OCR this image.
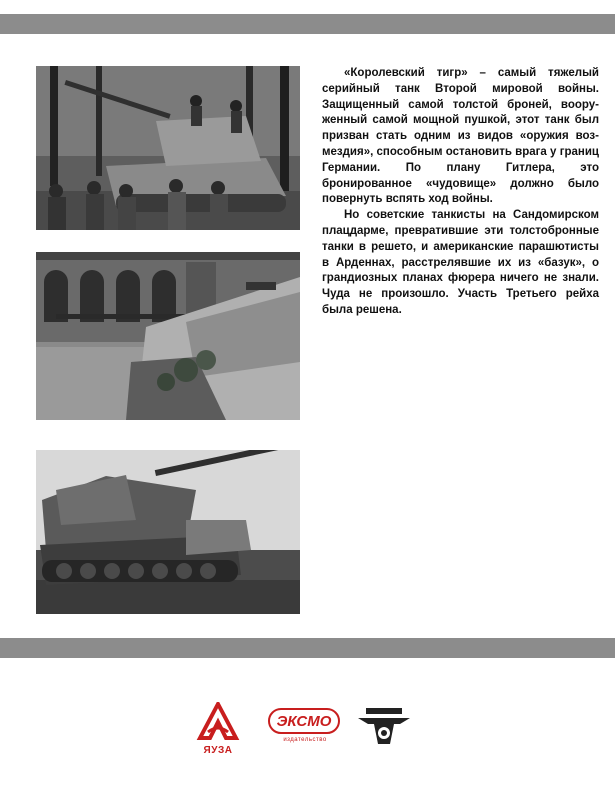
«Королевский тигр» – самый тяжелый серийный танк Второй мировой войны. Защищенный самой толстой броней, вооруженный самой мощной пушкой, этот танк был призван стать одним из видов «оружия возмездия», способным остановить врага у границ Германии. По плану Гитлера, это бронированное «чудовище» должно было повернуть вспять ход войны.

Но советские танкисты на Сандомирском плацдарме, превратившие эти толстобронные танки в решето, и американские парашютисты в Арденнах, расстрелявшие их из «базук», о грандиозных планах фюрера ничего не знали. Чуда не произошло. Участь Третьего рейха была решена.

ЯУЗА
ЭКСМО
издательство
